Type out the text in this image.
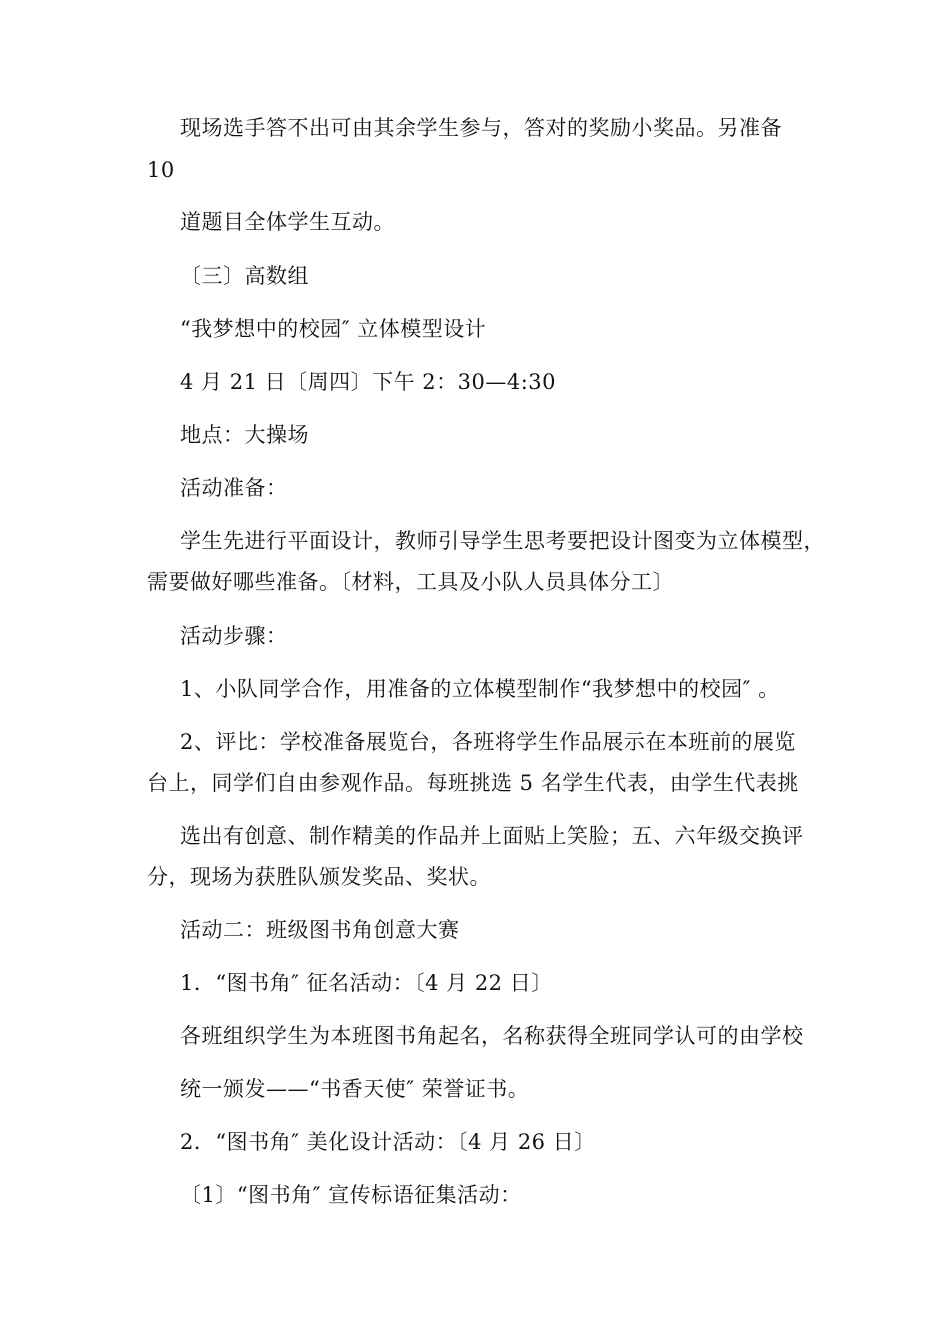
现场选手答不出可由其余学生参与，答对的奖励小奖品。另准备
10
道题目全体学生互动。
〔三〕高数组
“我梦想中的校园″ 立体模型设计
4 月 21 日〔周四〕下午 2：30—4:30
地点：大操场
活动准备：
学生先进行平面设计，教师引导学生思考要把设计图变为立体模型，
需要做好哪些准备。〔材料，工具及小队人员具体分工〕
活动步骤：
1、小队同学合作，用准备的立体模型制作“我梦想中的校园″ 。
2、评比：学校准备展览台，各班将学生作品展示在本班前的展览
台上，同学们自由参观作品。每班挑选 5 名学生代表，由学生代表挑
选出有创意、制作精美的作品并上面贴上笑脸；五、六年级交换评
分，现场为获胜队颁发奖品、奖状。
活动二：班级图书角创意大赛
1．“图书角″ 征名活动：〔4 月 22 日〕
各班组织学生为本班图书角起名，名称获得全班同学认可的由学校
统一颁发——“书香天使″ 荣誉证书。
2．“图书角″ 美化设计活动：〔4 月 26 日〕
〔1〕“图书角″ 宣传标语征集活动：
